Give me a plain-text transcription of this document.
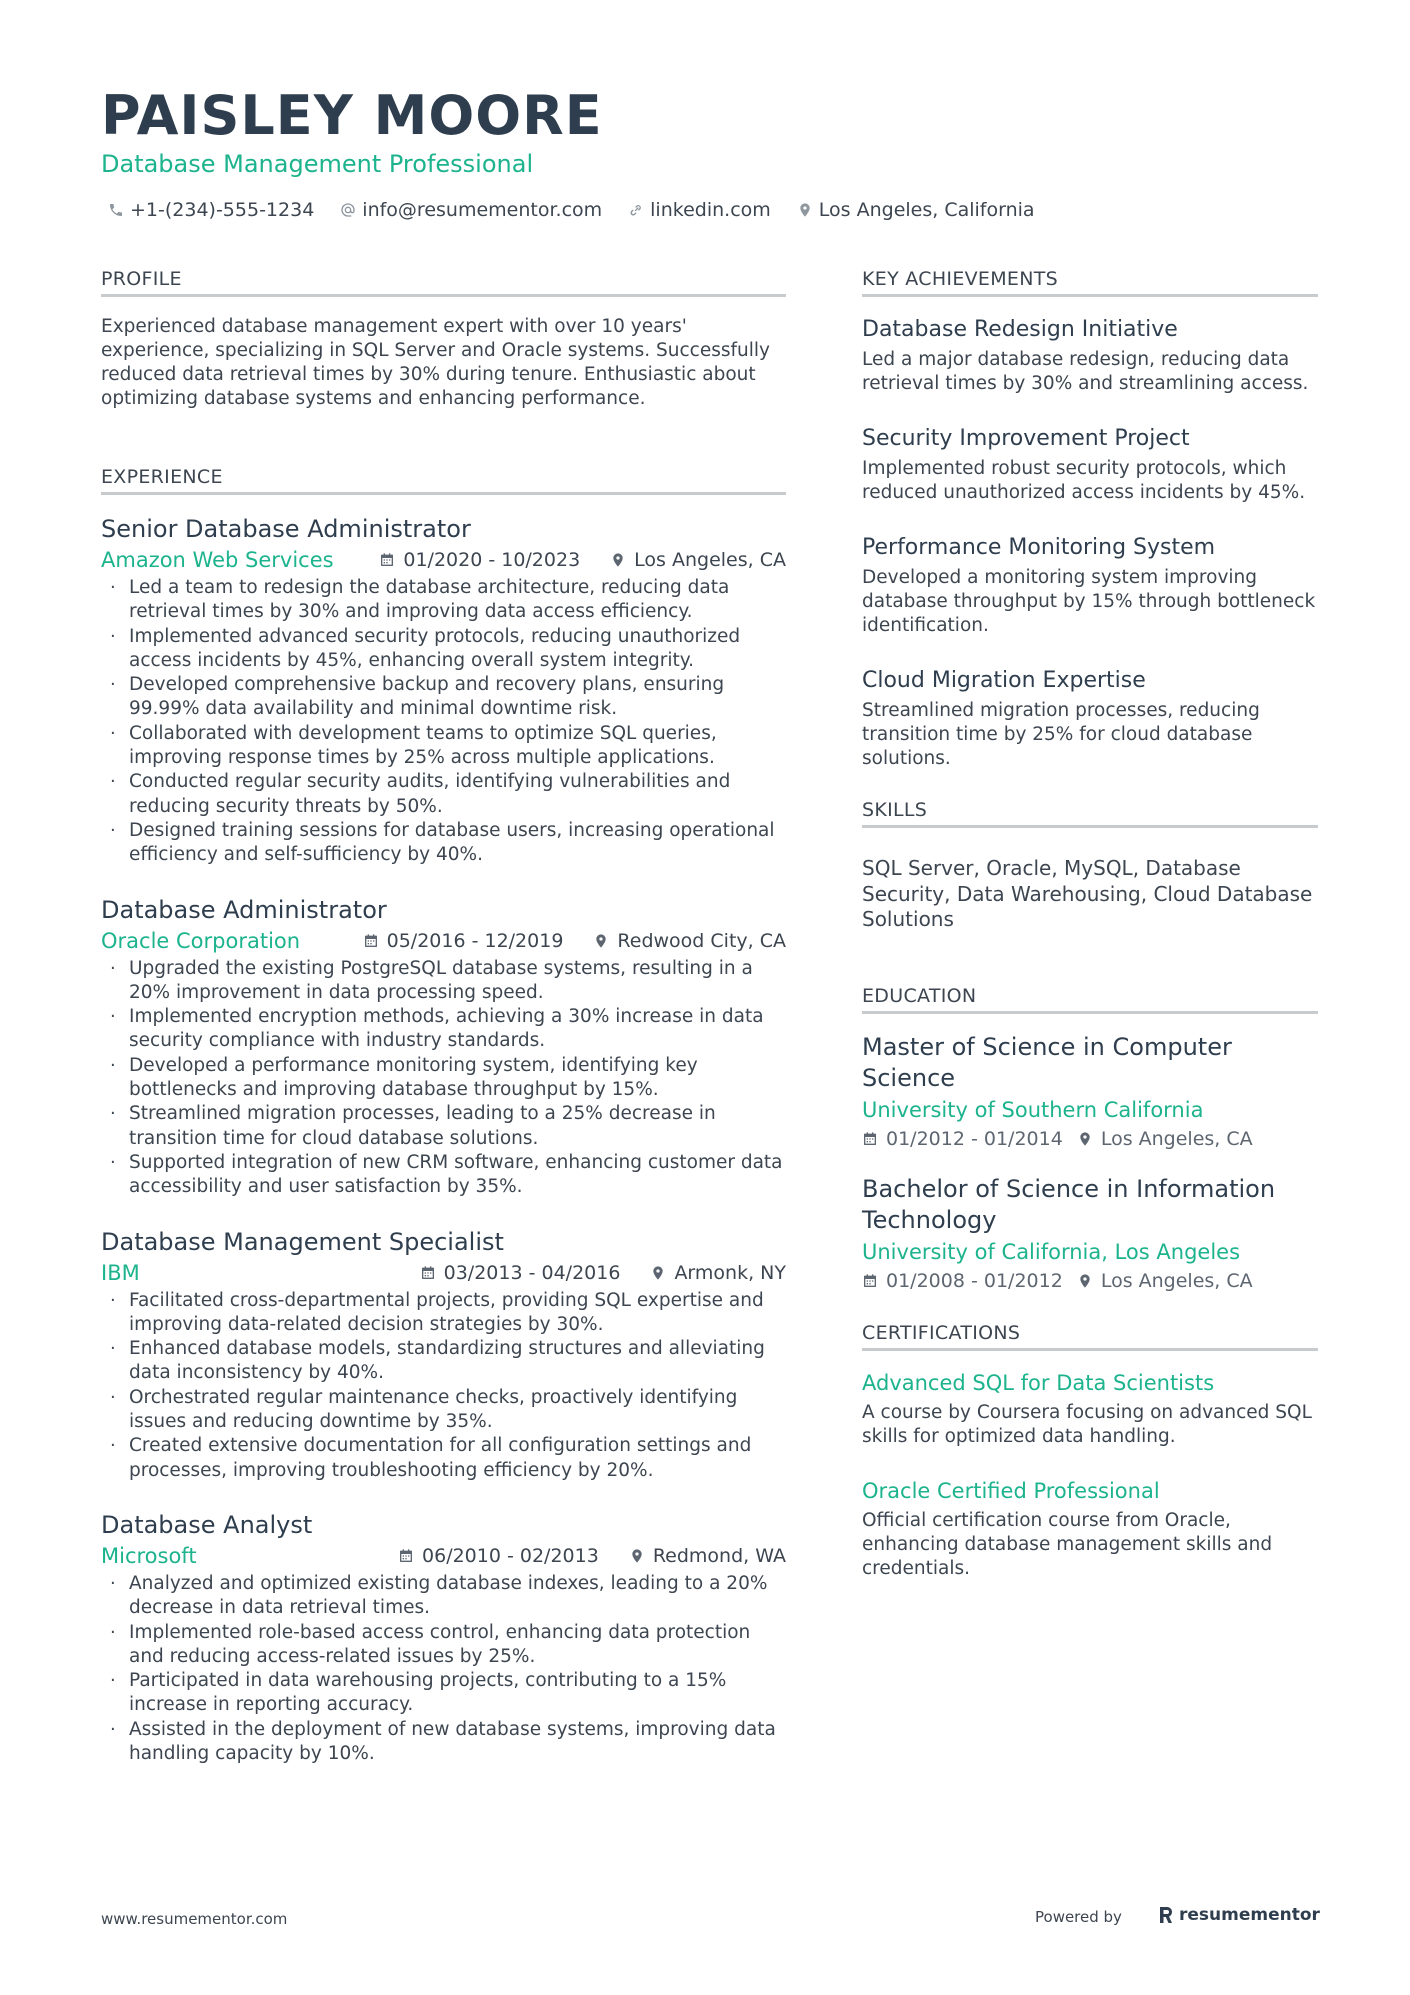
PAISLEY MOORE
Database Management Professional
+1-(234)-555-1234	info@resumementor.com	linkedin.com	Los Angeles, California
PROFILE
Experienced database management expert with over 10 years' experience, specializing in SQL Server and Oracle systems. Successfully reduced data retrieval times by 30% during tenure. Enthusiastic about optimizing database systems and enhancing performance.
EXPERIENCE
Senior Database Administrator
Amazon Web Services	01/2020 - 10/2023	Los Angeles, CA
· Led a team to redesign the database architecture, reducing data retrieval times by 30% and improving data access efficiency.
· Implemented advanced security protocols, reducing unauthorized access incidents by 45%, enhancing overall system integrity.
· Developed comprehensive backup and recovery plans, ensuring 99.99% data availability and minimal downtime risk.
· Collaborated with development teams to optimize SQL queries, improving response times by 25% across multiple applications.
· Conducted regular security audits, identifying vulnerabilities and reducing security threats by 50%.
· Designed training sessions for database users, increasing operational efficiency and self-sufficiency by 40%.
Database Administrator
Oracle Corporation	05/2016 - 12/2019	Redwood City, CA
· Upgraded the existing PostgreSQL database systems, resulting in a 20% improvement in data processing speed.
· Implemented encryption methods, achieving a 30% increase in data security compliance with industry standards.
· Developed a performance monitoring system, identifying key bottlenecks and improving database throughput by 15%.
· Streamlined migration processes, leading to a 25% decrease in transition time for cloud database solutions.
· Supported integration of new CRM software, enhancing customer data accessibility and user satisfaction by 35%.
Database Management Specialist
IBM	03/2013 - 04/2016	Armonk, NY
· Facilitated cross-departmental projects, providing SQL expertise and improving data-related decision strategies by 30%.
· Enhanced database models, standardizing structures and alleviating data inconsistency by 40%.
· Orchestrated regular maintenance checks, proactively identifying issues and reducing downtime by 35%.
· Created extensive documentation for all configuration settings and processes, improving troubleshooting efficiency by 20%.
Database Analyst
Microsoft	06/2010 - 02/2013	Redmond, WA
· Analyzed and optimized existing database indexes, leading to a 20% decrease in data retrieval times.
· Implemented role-based access control, enhancing data protection and reducing access-related issues by 25%.
· Participated in data warehousing projects, contributing to a 15% increase in reporting accuracy.
· Assisted in the deployment of new database systems, improving data handling capacity by 10%.
KEY ACHIEVEMENTS
Database Redesign Initiative
Led a major database redesign, reducing data retrieval times by 30% and streamlining access.
Security Improvement Project
Implemented robust security protocols, which reduced unauthorized access incidents by 45%.
Performance Monitoring System
Developed a monitoring system improving database throughput by 15% through bottleneck identification.
Cloud Migration Expertise
Streamlined migration processes, reducing transition time by 25% for cloud database solutions.
SKILLS
SQL Server, Oracle, MySQL, Database Security, Data Warehousing, Cloud Database Solutions
EDUCATION
Master of Science in Computer Science
University of Southern California
01/2012 - 01/2014 Los Angeles, CA
Bachelor of Science in Information Technology
University of California, Los Angeles
01/2008 - 01/2012 Los Angeles, CA
CERTIFICATIONS
Advanced SQL for Data Scientists
A course by Coursera focusing on advanced SQL skills for optimized data handling.
Oracle Certified Professional
Official certification course from Oracle, enhancing database management skills and credentials.
www.resumementor.com	Powered by	resumementor
